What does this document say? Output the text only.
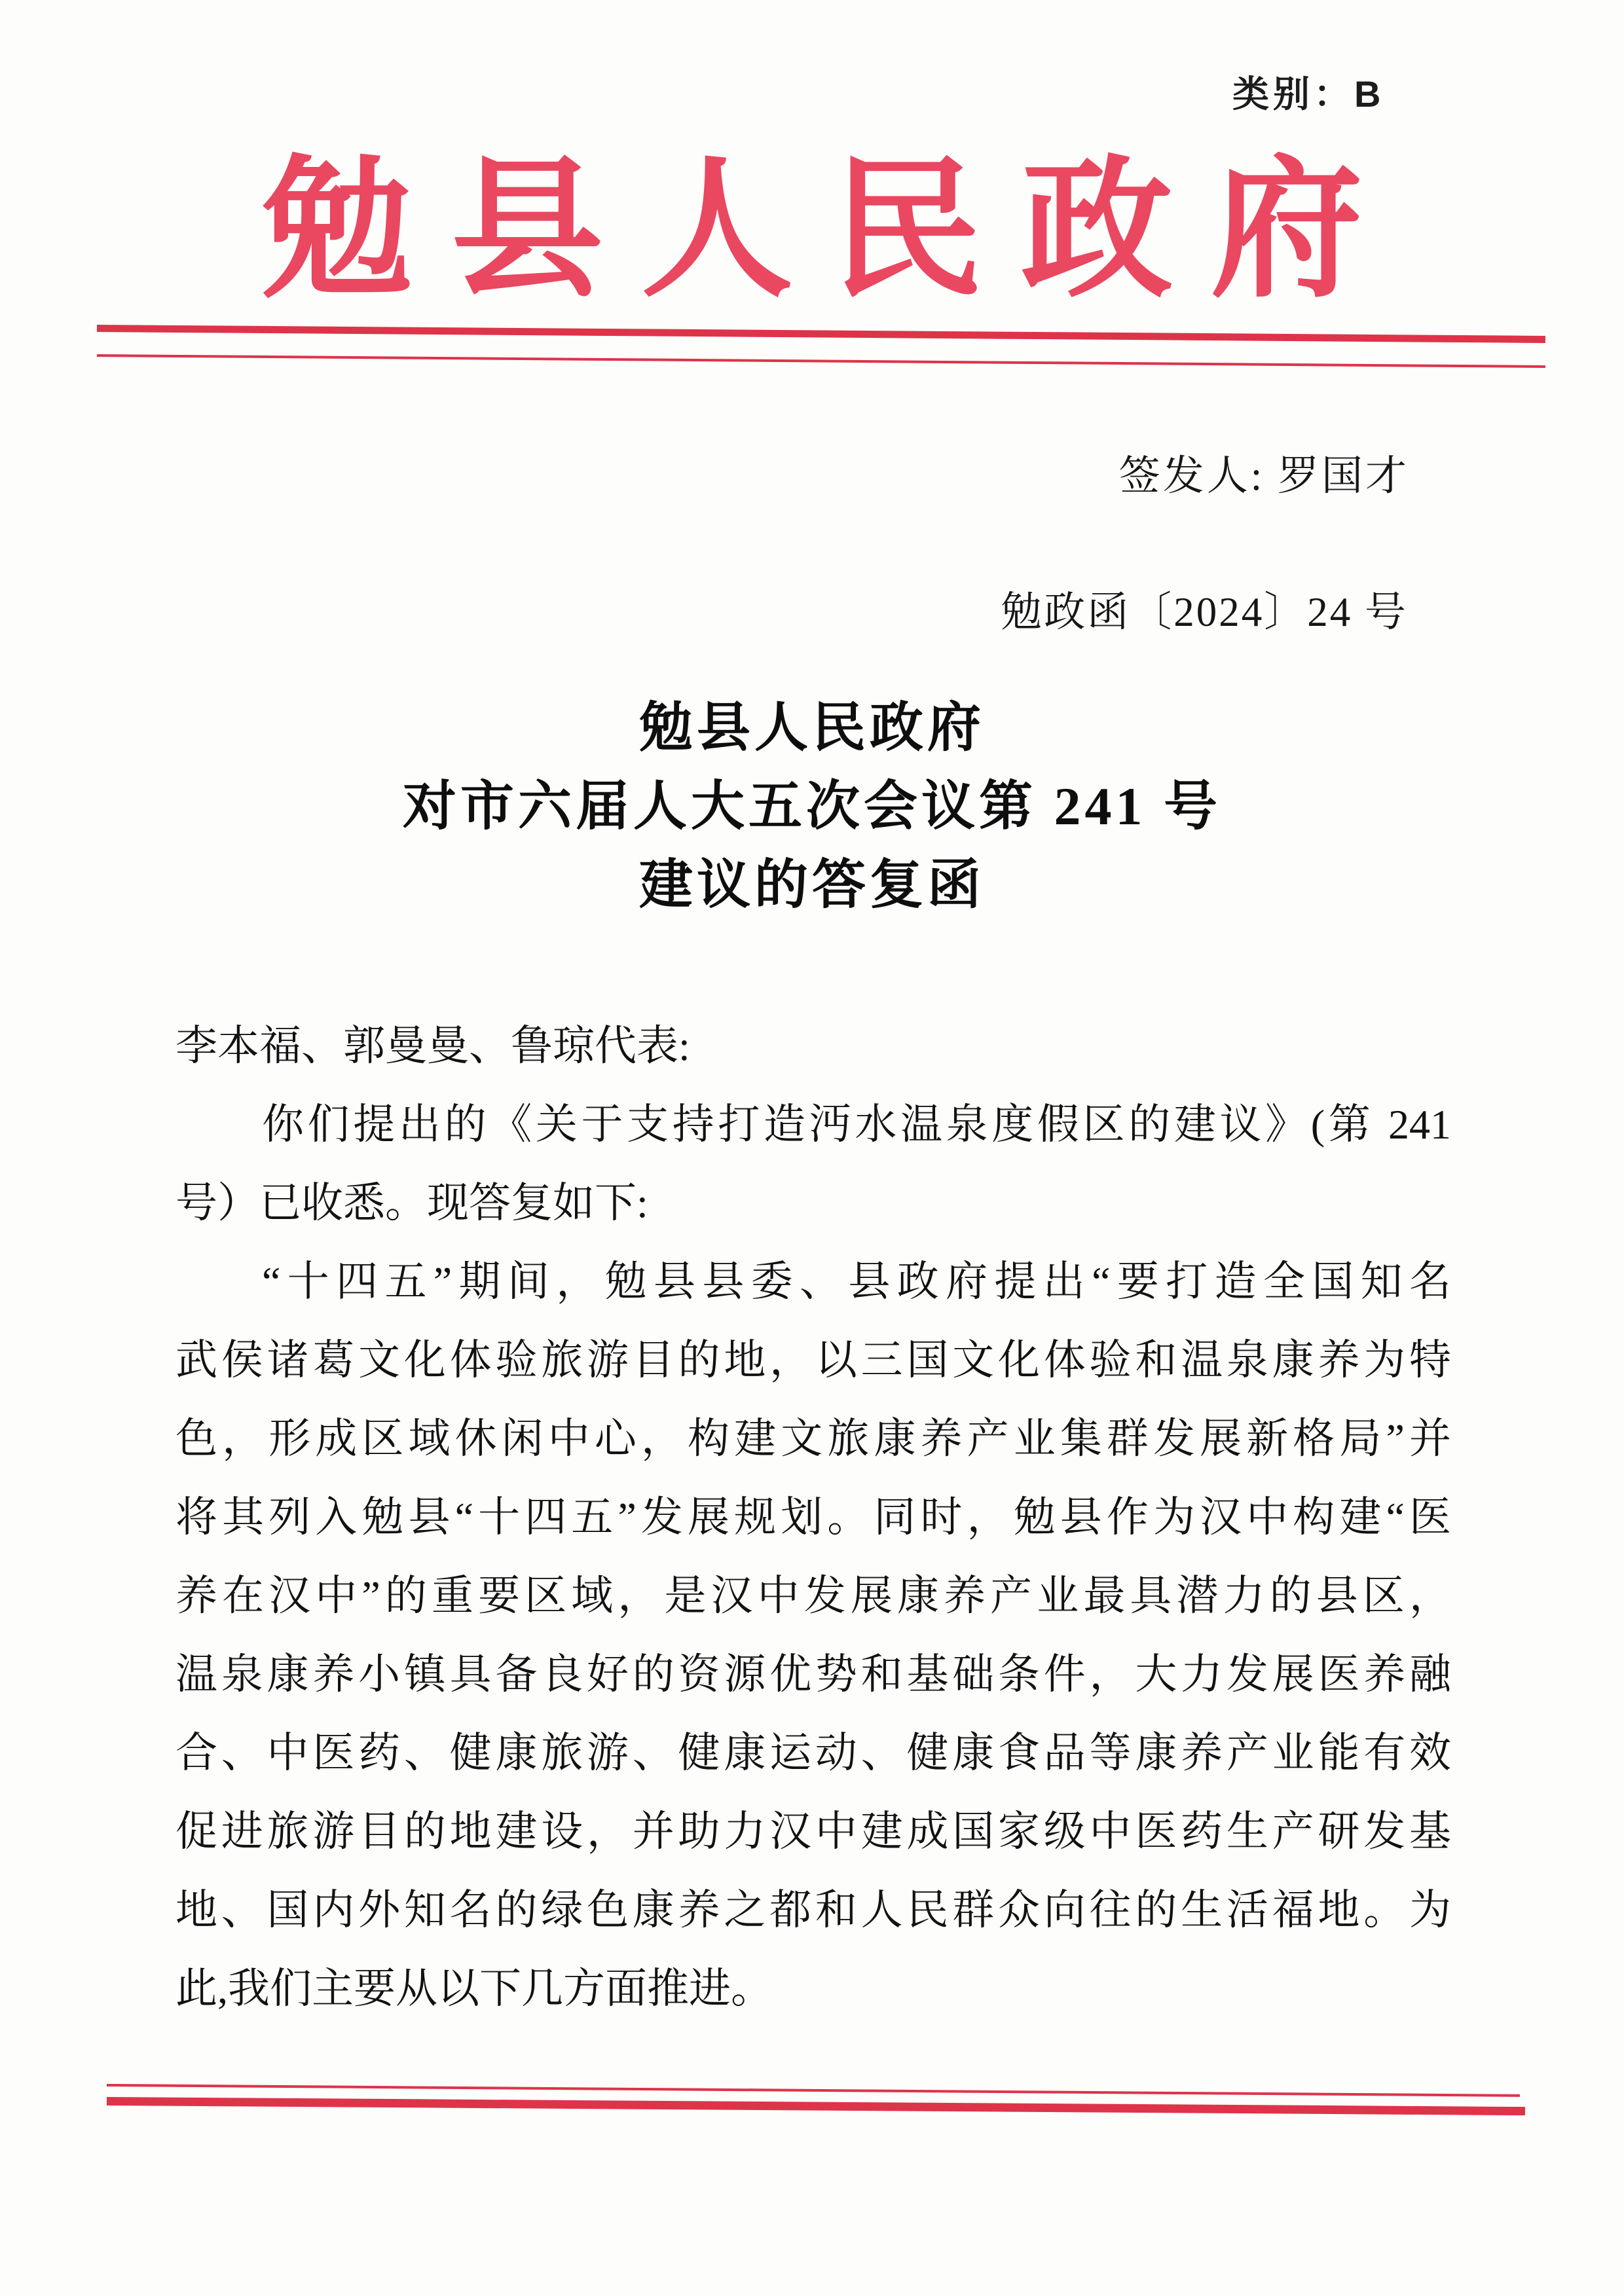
类别：B
勉县人民政府
签发人: 罗国才
勉政函〔2024〕24 号
勉县人民政府
对市六届人大五次会议第 241 号
建议的答复函
李本福、郭曼曼、鲁琼代表:
你们提出的《关于支持打造沔水温泉度假区的建议》(第 241
号）已收悉。现答复如下:
“十四五”期间，勉县县委、县政府提出“要打造全国知名
武侯诸葛文化体验旅游目的地，以三国文化体验和温泉康养为特
色，形成区域休闲中心，构建文旅康养产业集群发展新格局”并
将其列入勉县“十四五”发展规划。同时，勉县作为汉中构建“医
养在汉中”的重要区域，是汉中发展康养产业最具潜力的县区，
温泉康养小镇具备良好的资源优势和基础条件，大力发展医养融
合、中医药、健康旅游、健康运动、健康食品等康养产业能有效
促进旅游目的地建设，并助力汉中建成国家级中医药生产研发基
地、国内外知名的绿色康养之都和人民群众向往的生活福地。为
此,我们主要从以下几方面推进。
